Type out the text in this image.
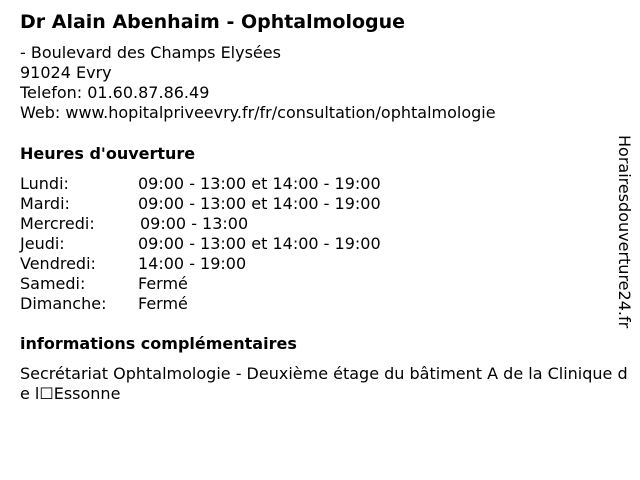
Dr Alain Abenhaim - Ophtalmologue
- Boulevard des Champs Elysées
91024 Evry
Telefon: 01.60.87.86.49
Web: www.hopitalpriveevry.fr/fr/consultation/ophtalmologie
Heures d'ouverture
Lundi:	09:00 - 13:00 et 14:00 - 19:00
Mardi:	09:00 - 13:00 et 14:00 - 19:00
Mercredi:	09:00 - 13:00
Jeudi:	09:00 - 13:00 et 14:00 - 19:00
Vendredi:	14:00 - 19:00
Samedi:	Fermé
Dimanche: Fermé
informations complémentaires
Secrétariat Ophtalmologie - Deuxième étage du bâtiment A de la Clinique de l☐Essonne
Horairesdouverture24.fr
